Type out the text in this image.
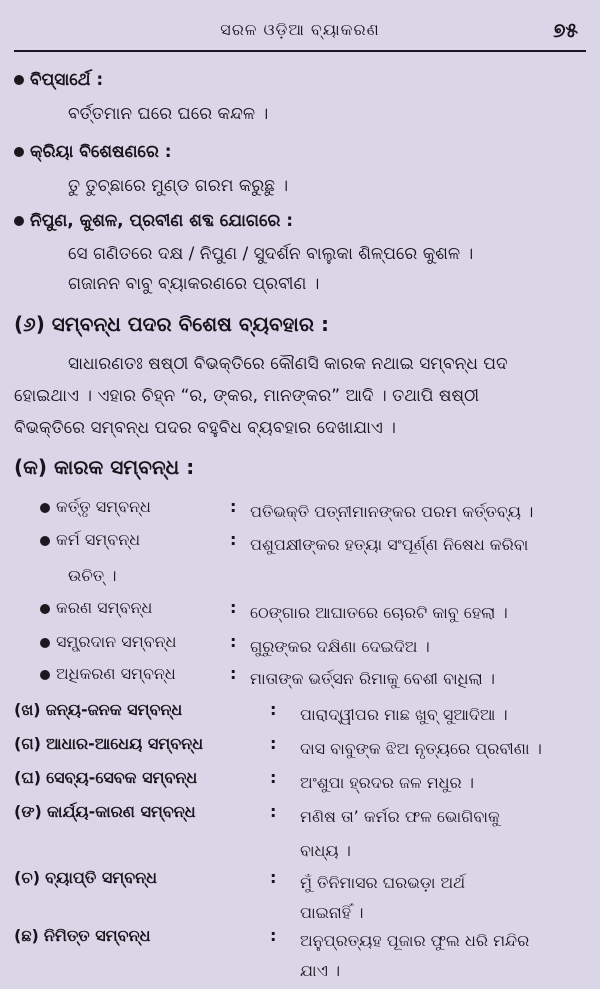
ସରଳ ଓଡ଼ିଆ ବ୍ୟାକରଣ	୭୫
ବିପ୍ସାର୍ଥେ :
ବର୍ତ୍ତମାନ ଘରେ ଘରେ କନ୍ଦଳ ।
କ୍ରିୟା ବିଶେଷଣରେ :
ତୁ ତୁଚ୍ଛାରେ ମୁଣ୍ଡ ଗରମ କରୁଛୁ ।
ନିପୁଣ, କୁଶଳ, ପ୍ରବୀଣ ଶବ୍ଦ ଯୋଗରେ :
ସେ ଗଣିତରେ ଦକ୍ଷ / ନିପୁଣ / ସୁଦର୍ଶନ ବାଲୁକା ଶିଳ୍ପରେ କୁଶଳ ।
ଗଜାନନ ବାବୁ ବ୍ୟାକରଣରେ ପ୍ରବୀଣ ।
(୬) ସମ୍ବନ୍ଧ ପଦର ବିଶେଷ ବ୍ୟବହାର :
ସାଧାରଣତଃ ଷଷ୍ଠୀ ବିଭକ୍ତିରେ କୌଣସି କାରକ ନଥାଇ ସମ୍ବନ୍ଧ ପଦ
ହୋଇଥାଏ । ଏହାର ଚିହ୍ନ “ର, ଙ୍କର, ମାନଙ୍କର” ଆଦି । ତଥାପି ଷଷ୍ଠୀ
ବିଭକ୍ତିରେ ସମ୍ବନ୍ଧ ପଦର ବହୁବିଧ ବ୍ୟବହାର ଦେଖାଯାଏ ।
(କ) କାରକ ସମ୍ବନ୍ଧ :
କର୍ତ୍ତୃ ସମ୍ବନ୍ଧ	: ପତିଭକ୍ତି ପତ୍ନୀମାନଙ୍କର ପରମ କର୍ତ୍ତବ୍ୟ ।
କର୍ମ ସମ୍ବନ୍ଧ	: ପଶୁପକ୍ଷୀଙ୍କର ହତ୍ୟା ସଂପୂର୍ଣ୍ଣ ନିଷେଧ କରିବା
ଉଚିତ୍ ।
କରଣ ସମ୍ବନ୍ଧ	: ଠେଙ୍ଗାର ଆଘାତରେ ଚୋରଟି କାବୁ ହେଲା ।
ସମ୍ପ୍ରଦାନ ସମ୍ବନ୍ଧ	: ଗୁରୁଙ୍କର ଦକ୍ଷିଣା ଦେଇଦିଅ ।
ଅଧିକରଣ ସମ୍ବନ୍ଧ	: ମାତାଙ୍କ ଭର୍ତ୍ସନ ରିମାକୁ ବେଶୀ ବାଧିଲା ।
(ଖ) ଜନ୍ୟ-ଜନକ ସମ୍ବନ୍ଧ	: ପାରାଦ୍ୱୀପର ମାଛ ଖୁବ୍ ସୁଆଦିଆ ।
(ଗ) ଆଧାର-ଆଧେୟ ସମ୍ବନ୍ଧ	: ଦାସ ବାବୁଙ୍କ ଝିଅ ନୃତ୍ୟରେ ପ୍ରବୀଣା ।
(ଘ) ସେବ୍ୟ-ସେବକ ସମ୍ବନ୍ଧ	: ଅଂଶୁପା ହ୍ରଦର ଜଳ ମଧୁର ।
(ଙ) କାର୍ଯ୍ୟ-କାରଣ ସମ୍ବନ୍ଧ	: ମଣିଷ ତା’ କର୍ମର ଫଳ ଭୋଗିବାକୁ
ବାଧ୍ୟ ।
(ଚ) ବ୍ୟାପ୍ତି ସମ୍ବନ୍ଧ	: ମୁଁ ତିନିମାସର ଘରଭଡ଼ା ଅର୍ଥ
ପାଇନାହିଁ ।
(ଛ) ନିମିତ୍ତ ସମ୍ବନ୍ଧ	: ଅନୁପ୍ରତ୍ୟହ ପୂଜାର ଫୁଲ ଧରି ମନ୍ଦିର
ଯାଏ ।
